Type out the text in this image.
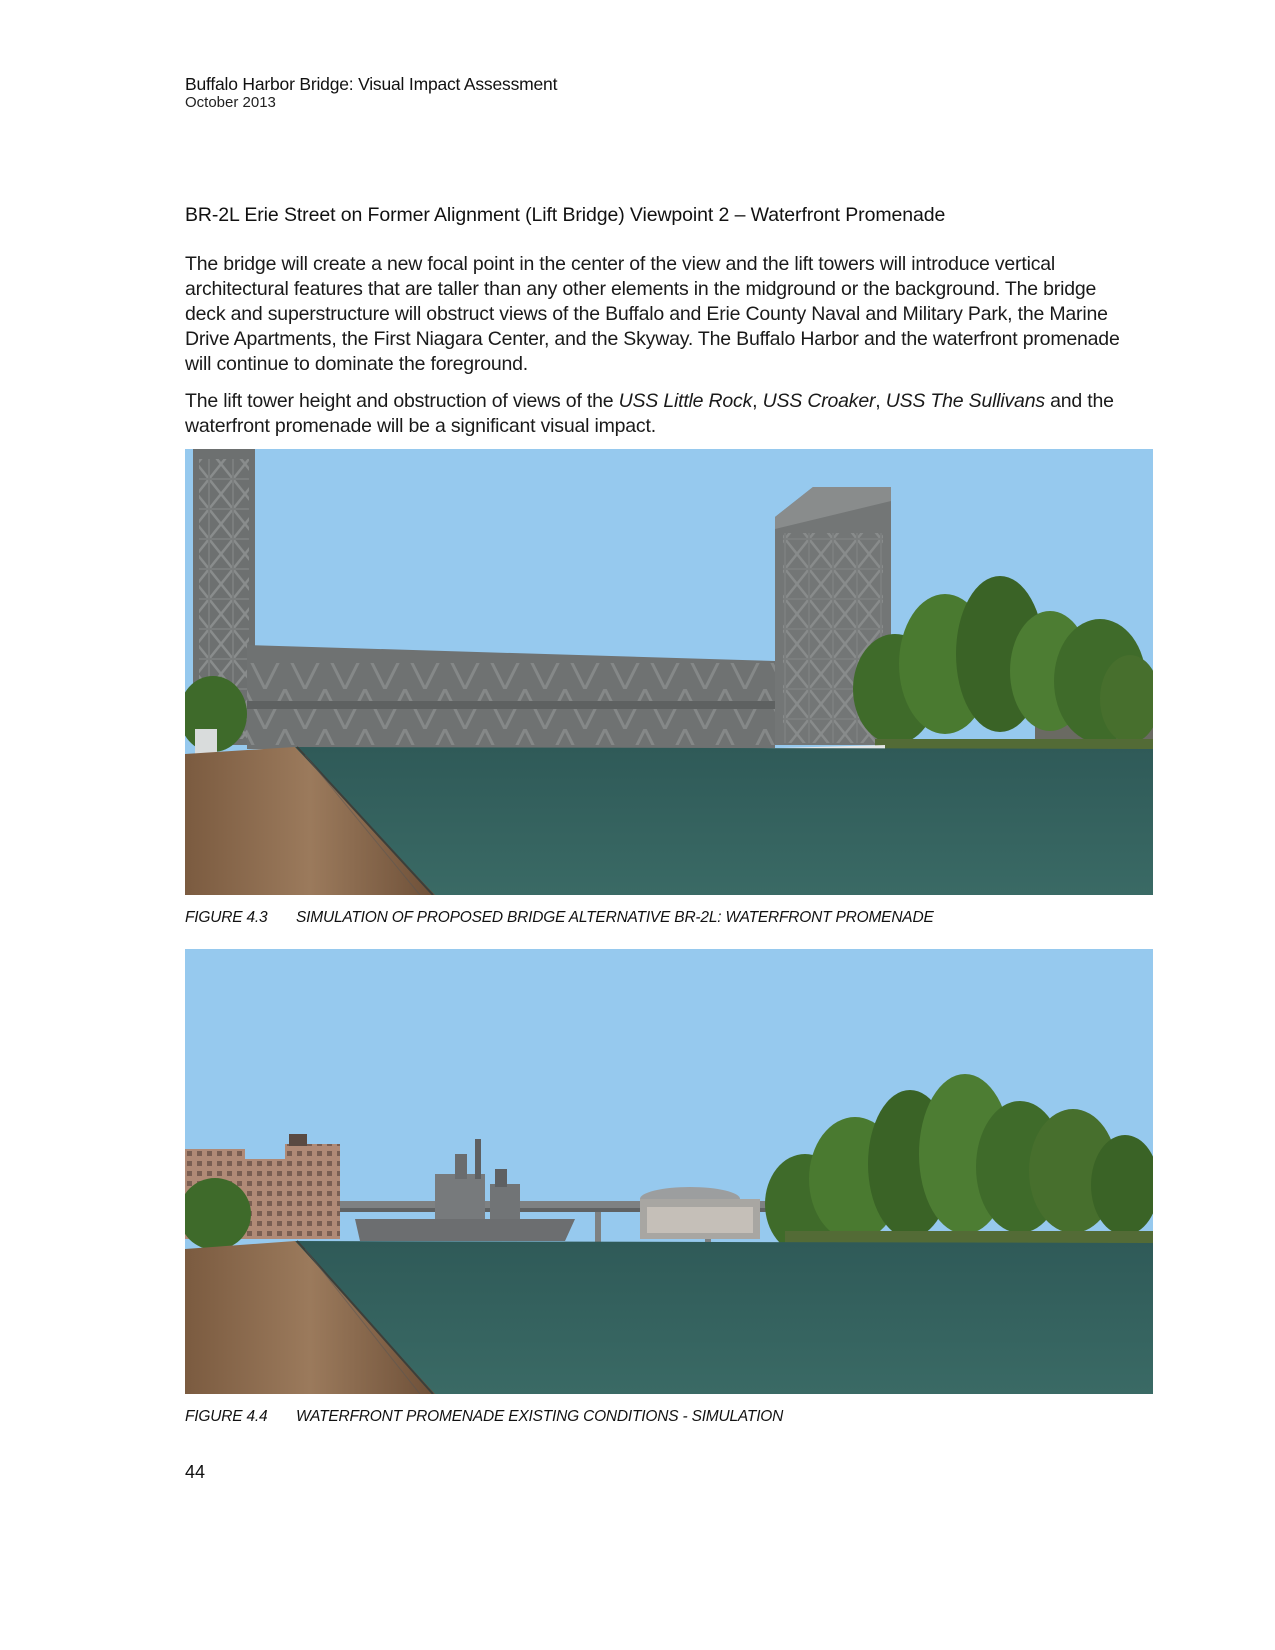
Buffalo Harbor Bridge: Visual Impact Assessment
October 2013
BR-2L Erie Street on Former Alignment (Lift Bridge) Viewpoint 2 – Waterfront Promenade
The bridge will create a new focal point in the center of the view and the lift towers will introduce vertical architectural features that are taller than any other elements in the midground or the background. The bridge deck and superstructure will obstruct views of the Buffalo and Erie County Naval and Military Park, the Marine Drive Apartments, the First Niagara Center, and the Skyway. The Buffalo Harbor and the waterfront promenade will continue to dominate the foreground.
The lift tower height and obstruction of views of the USS Little Rock, USS Croaker, USS The Sullivans and the waterfront promenade will be a significant visual impact.
FIGURE 4.3 SIMULATION OF PROPOSED BRIDGE ALTERNATIVE BR-2L: WATERFRONT PROMENADE
FIGURE 4.4 WATERFRONT PROMENADE EXISTING CONDITIONS - SIMULATION
44
